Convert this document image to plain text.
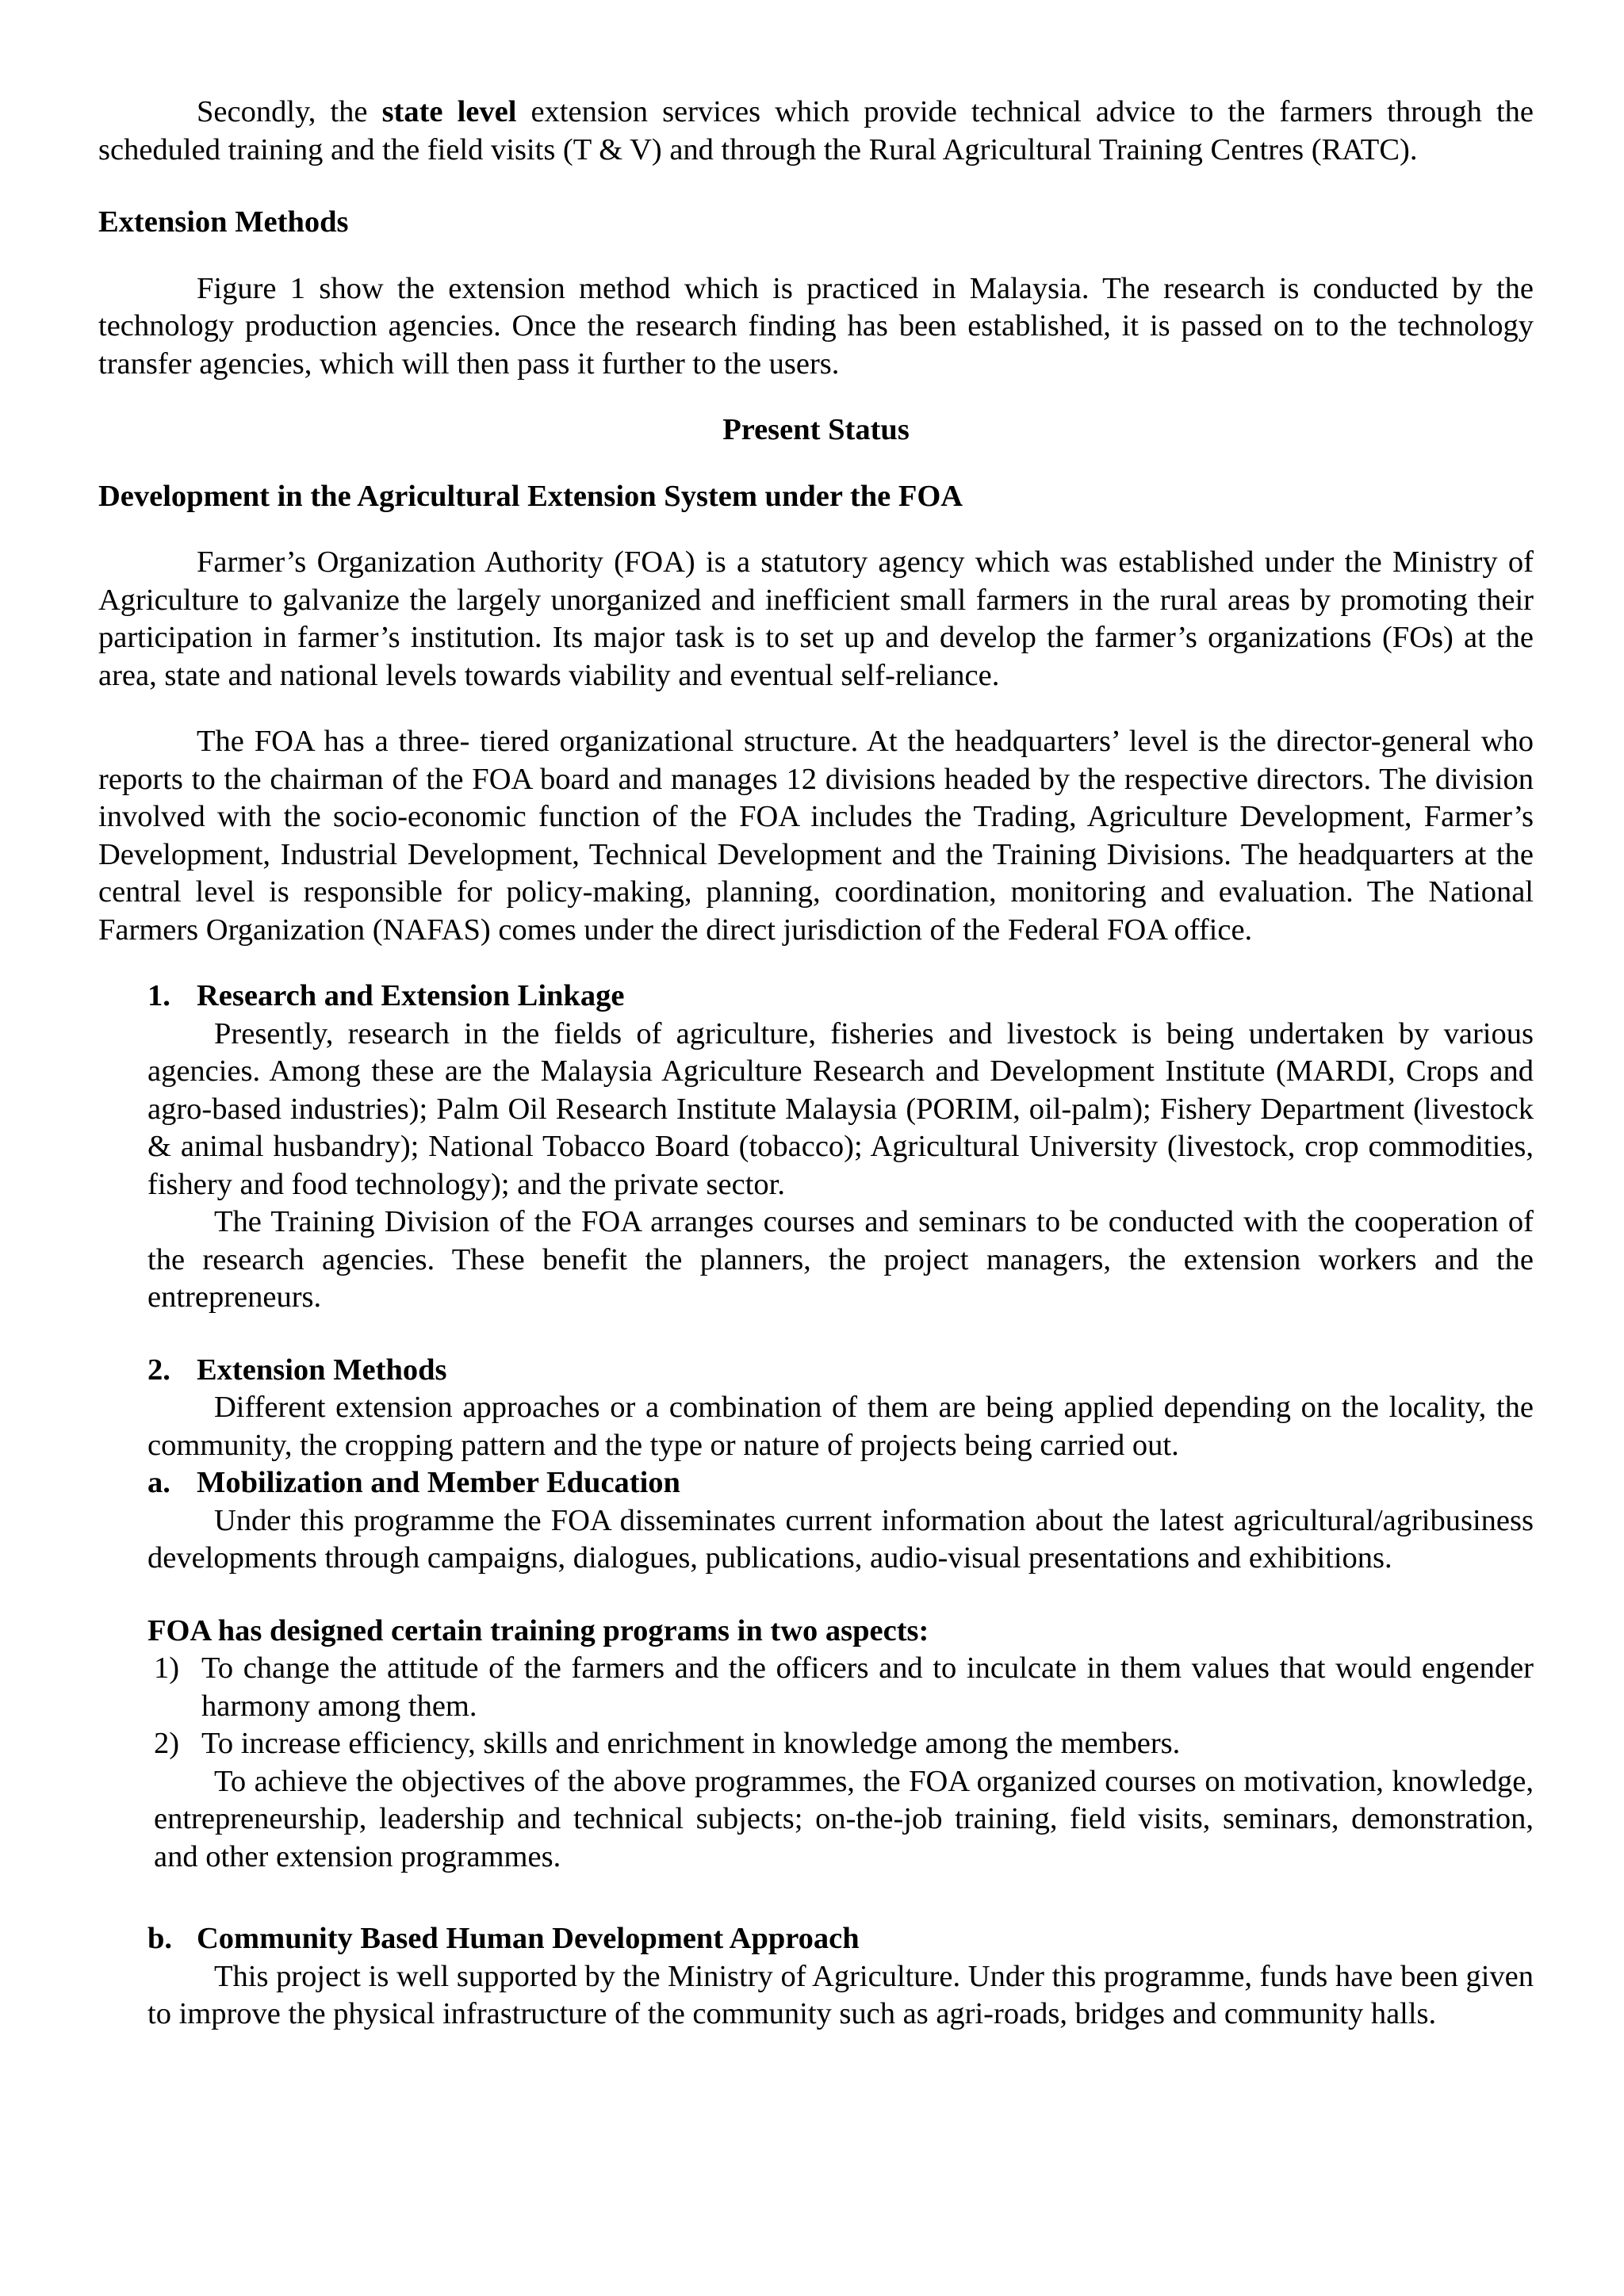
Secondly, the state level extension services which provide technical advice to the farmers through the scheduled training and the field visits (T & V) and through the Rural Agricultural Training Centres (RATC).

Extension Methods

Figure 1 show the extension method which is practiced in Malaysia. The research is conducted by the technology production agencies. Once the research finding has been established, it is passed on to the technology transfer agencies, which will then pass it further to the users.

Present Status

Development in the Agricultural Extension System under the FOA

Farmer’s Organization Authority (FOA) is a statutory agency which was established under the Ministry of Agriculture to galvanize the largely unorganized and inefficient small farmers in the rural areas by promoting their participation in farmer’s institution. Its major task is to set up and develop the farmer’s organizations (FOs) at the area, state and national levels towards viability and eventual self-reliance.

The FOA has a three- tiered organizational structure. At the headquarters’ level is the director-general who reports to the chairman of the FOA board and manages 12 divisions headed by the respective directors. The division involved with the socio-economic function of the FOA includes the Trading, Agriculture Development, Farmer’s Development, Industrial Development, Technical Development and the Training Divisions. The headquarters at the central level is responsible for policy-making, planning, coordination, monitoring and evaluation. The National Farmers Organization (NAFAS) comes under the direct jurisdiction of the Federal FOA office.

1. Research and Extension Linkage

Presently, research in the fields of agriculture, fisheries and livestock is being undertaken by various agencies. Among these are the Malaysia Agriculture Research and Development Institute (MARDI, Crops and agro-based industries); Palm Oil Research Institute Malaysia (PORIM, oil-palm); Fishery Department (livestock & animal husbandry); National Tobacco Board (tobacco); Agricultural University (livestock, crop commodities, fishery and food technology); and the private sector.

The Training Division of the FOA arranges courses and seminars to be conducted with the cooperation of the research agencies. These benefit the planners, the project managers, the extension workers and the entrepreneurs.

2. Extension Methods

Different extension approaches or a combination of them are being applied depending on the locality, the community, the cropping pattern and the type or nature of projects being carried out.

a. Mobilization and Member Education

Under this programme the FOA disseminates current information about the latest agricultural/agribusiness developments through campaigns, dialogues, publications, audio-visual presentations and exhibitions.

FOA has designed certain training programs in two aspects:

1) To change the attitude of the farmers and the officers and to inculcate in them values that would engender harmony among them.
2) To increase efficiency, skills and enrichment in knowledge among the members.

To achieve the objectives of the above programmes, the FOA organized courses on motivation, knowledge, entrepreneurship, leadership and technical subjects; on-the-job training, field visits, seminars, demonstration, and other extension programmes.

b. Community Based Human Development Approach

This project is well supported by the Ministry of Agriculture. Under this programme, funds have been given to improve the physical infrastructure of the community such as agri-roads, bridges and community halls.
